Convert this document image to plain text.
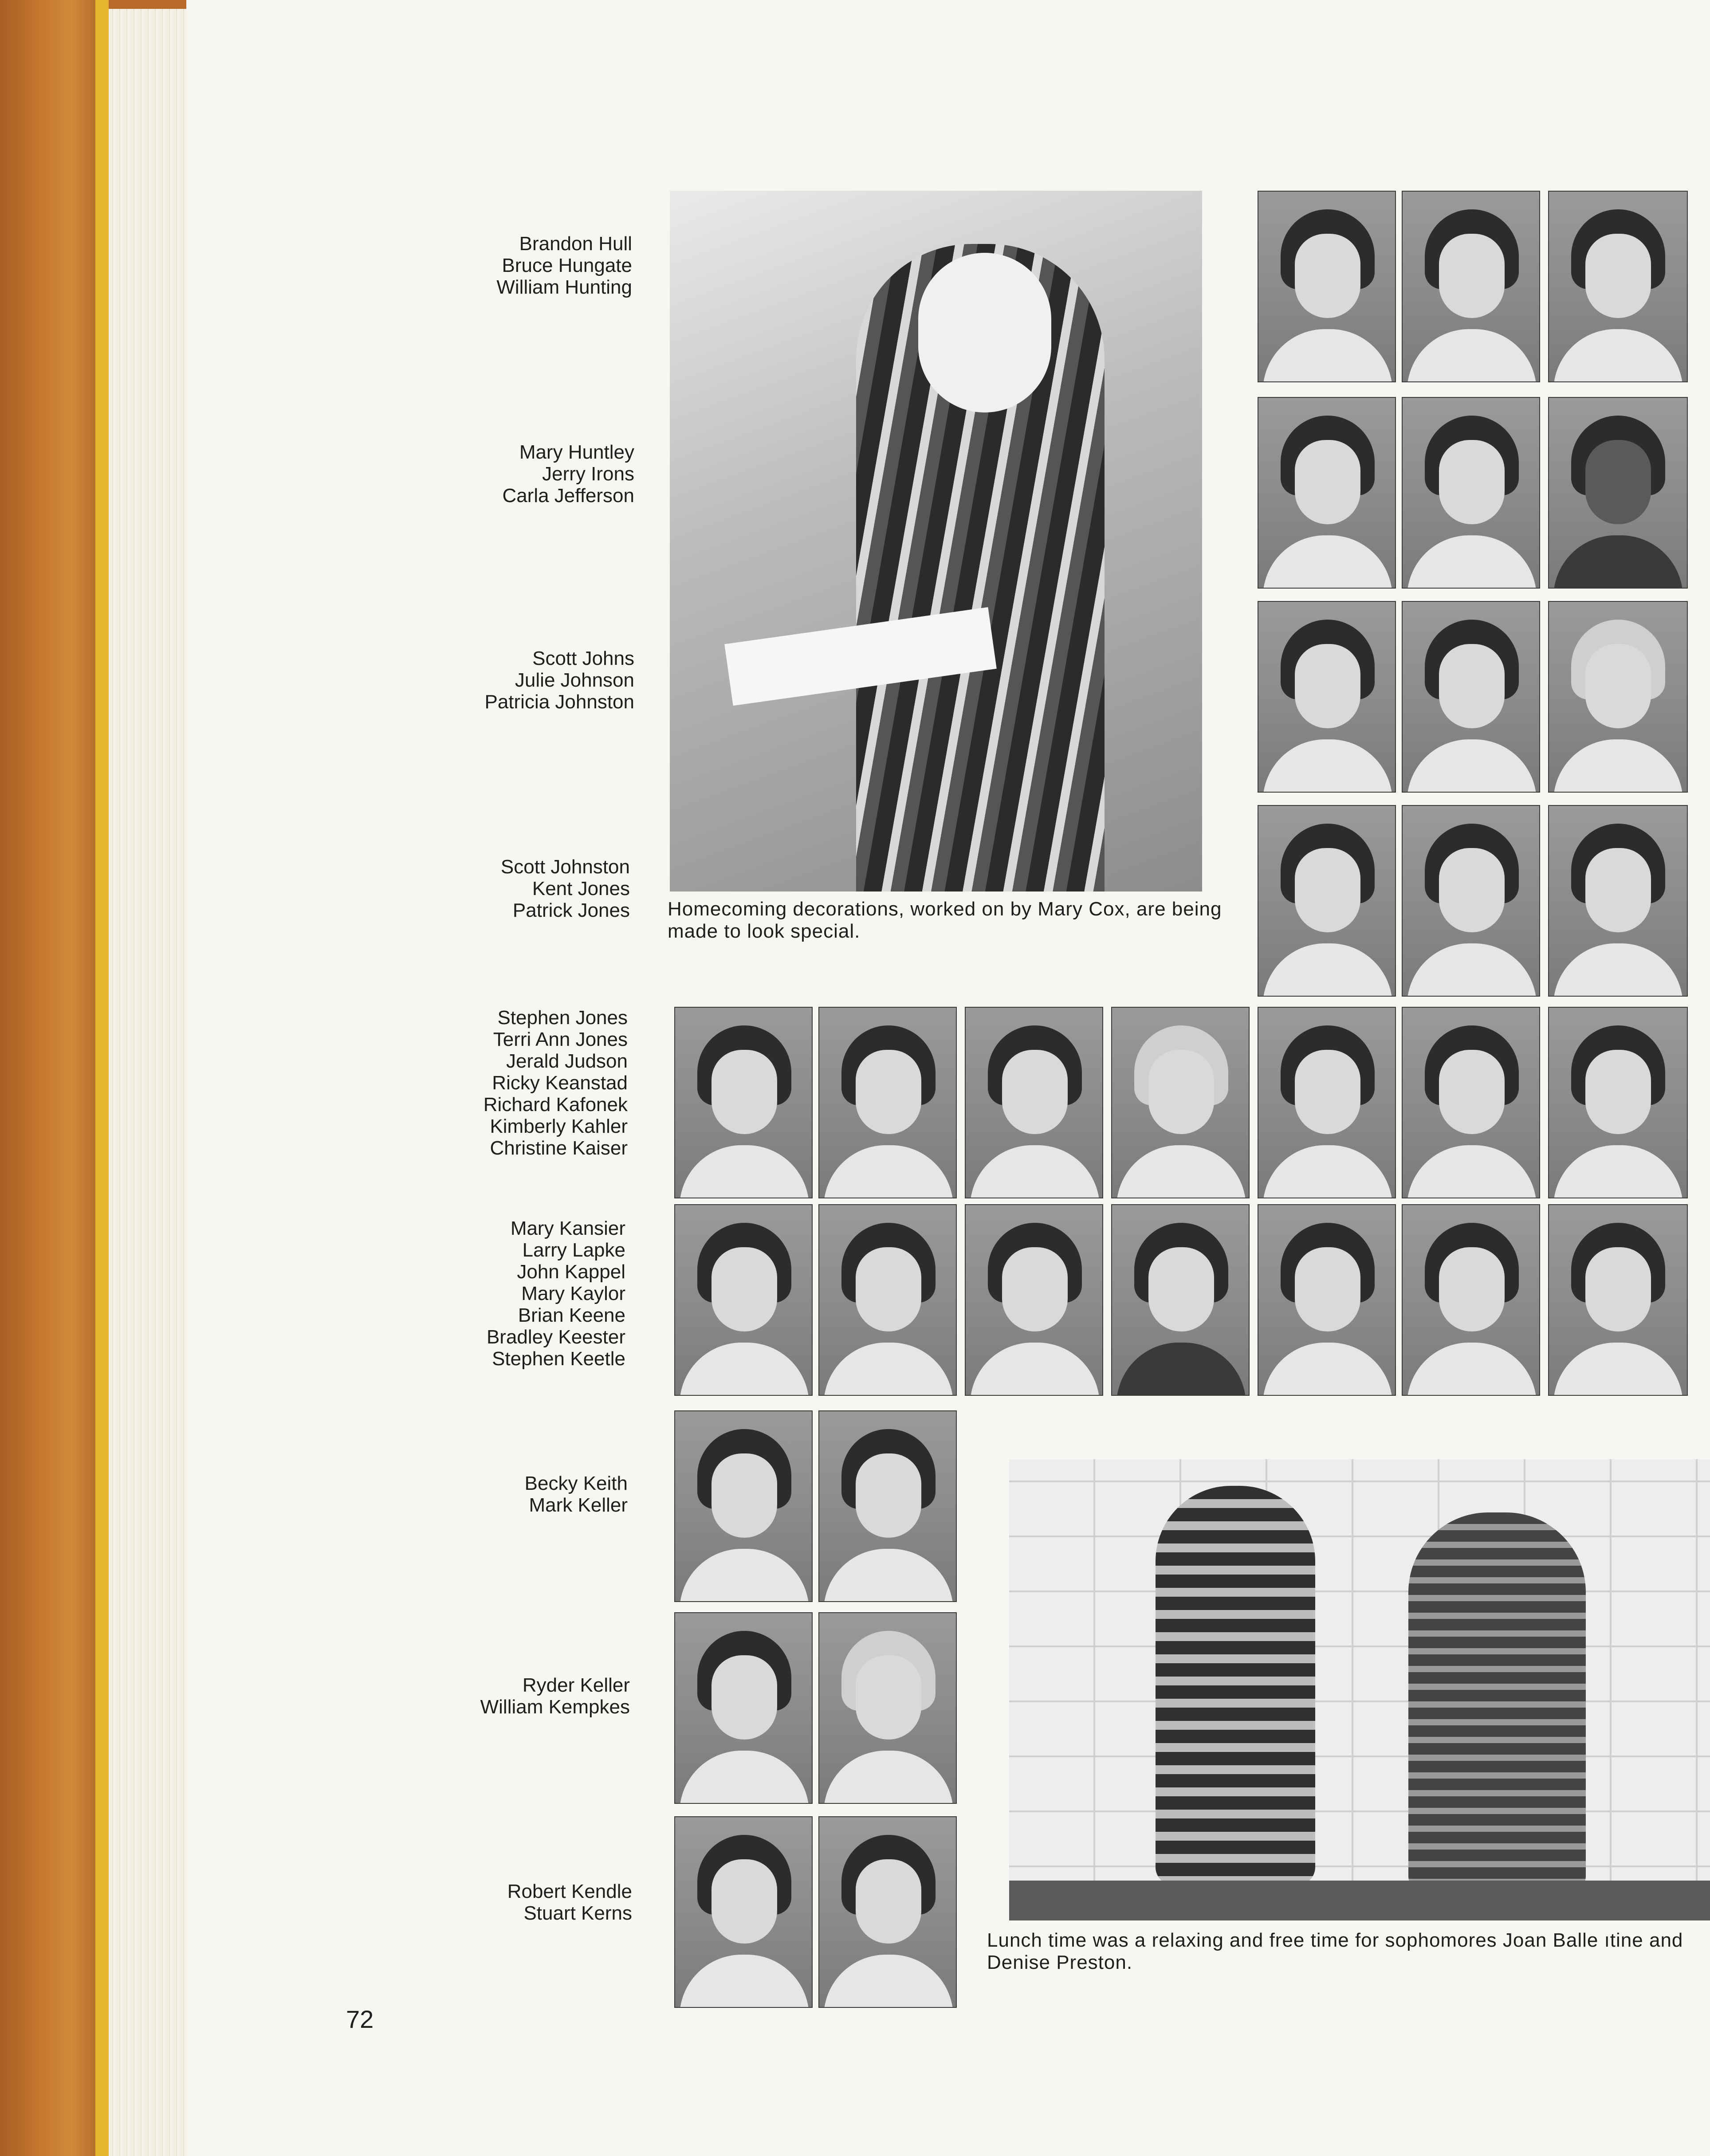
Brandon Hull
Bruce Hungate
William Hunting
Mary Huntley
Jerry Irons
Carla Jefferson
Scott Johns
Julie Johnson
Patricia Johnston
Scott Johnston
Kent Jones
Patrick Jones
Stephen Jones
Terri Ann Jones
Jerald Judson
Ricky Keanstad
Richard Kafonek
Kimberly Kahler
Christine Kaiser
Mary Kansier
Larry Lapke
John Kappel
Mary Kaylor
Brian Keene
Bradley Keester
Stephen Keetle
Becky Keith
Mark Keller
Ryder Keller
William Kempkes
Robert Kendle
Stuart Kerns
Homecoming decorations, worked on by Mary Cox, are being made to look special.
Lunch time was a relaxing and free time for sophomores Joan Balle ıtine and Denise Preston.
72
